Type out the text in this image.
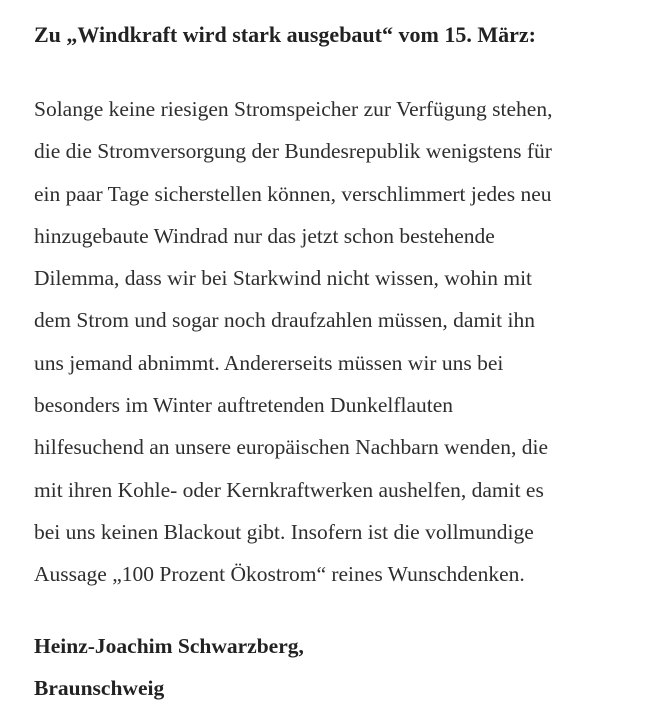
Zu „Windkraft wird stark ausgebaut“ vom 15. März:

Solange keine riesigen Stromspeicher zur Verfügung stehen,
die die Stromversorgung der Bundesrepublik wenigstens für
ein paar Tage sicherstellen können, verschlimmert jedes neu
hinzugebaute Windrad nur das jetzt schon bestehende
Dilemma, dass wir bei Starkwind nicht wissen, wohin mit
dem Strom und sogar noch draufzahlen müssen, damit ihn
uns jemand abnimmt. Andererseits müssen wir uns bei
besonders im Winter auftretenden Dunkelflauten
hilfesuchend an unsere europäischen Nachbarn wenden, die
mit ihren Kohle- oder Kernkraftwerken aushelfen, damit es
bei uns keinen Blackout gibt. Insofern ist die vollmundige
Aussage „100 Prozent Ökostrom“ reines Wunschdenken.

Heinz-Joachim Schwarzberg,
Braunschweig
